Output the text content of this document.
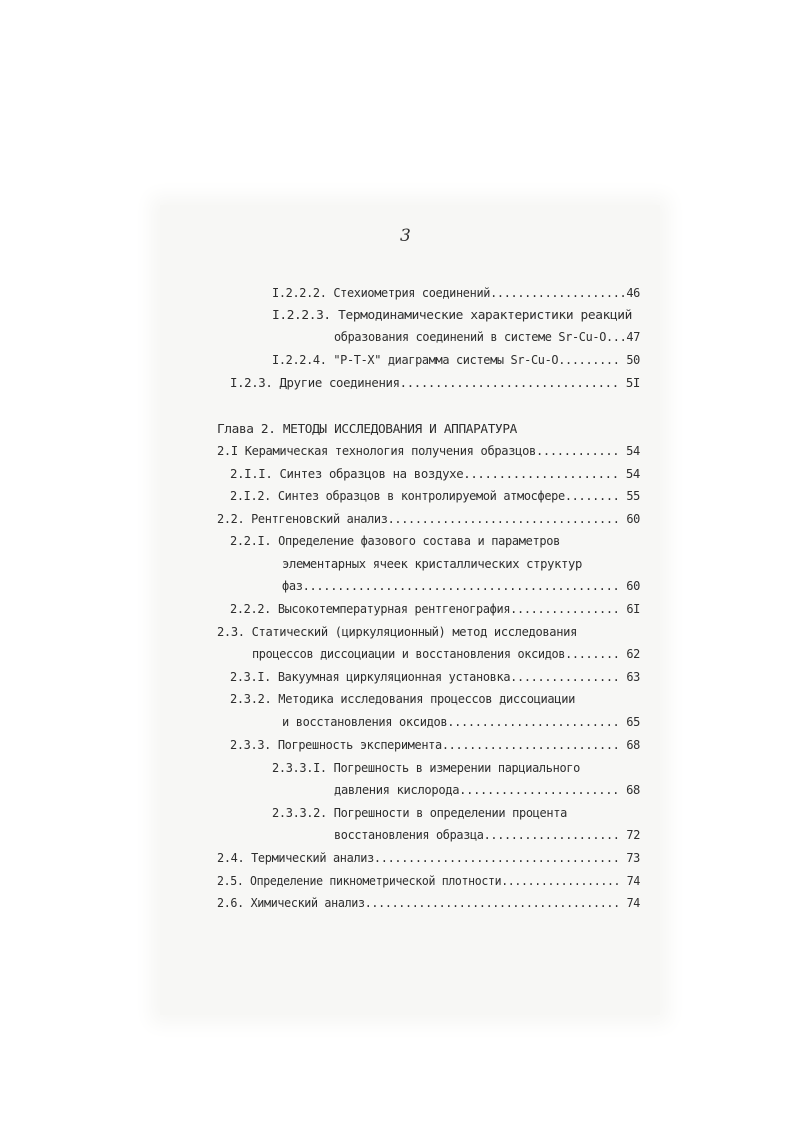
3
I.2.2.2. Стехиометрия соединений....................46
I.2.2.3. Термодинамические характеристики реакций
образования соединений в системе Sr-Cu-O...47
I.2.2.4. "P-T-X" диаграмма системы Sr-Cu-O......... 50
I.2.3. Другие соединения............................... 5I
Глава 2. МЕТОДЫ ИССЛЕДОВАНИЯ И АППАРАТУРА
2.I Керамическая технология получения образцов............ 54
2.I.I. Синтез образцов на воздухе...................... 54
2.I.2. Синтез образцов в контролируемой атмосфере........ 55
2.2. Рентгеновский анализ.................................. 60
2.2.I. Определение фазового состава и параметров
элементарных ячеек кристаллических структур
фаз.............................................. 60
2.2.2. Высокотемпературная рентгенография................ 6I
2.3. Статический (циркуляционный) метод исследования
процессов диссоциации и восстановления оксидов........ 62
2.3.I. Вакуумная циркуляционная установка................ 63
2.3.2. Методика исследования процессов диссоциации
и восстановления оксидов......................... 65
2.3.3. Погрешность эксперимента.......................... 68
2.3.3.I. Погрешность в измерении парциального
давления кислорода....................... 68
2.3.3.2. Погрешности в определении процента
восстановления образца.................... 72
2.4. Термический анализ.................................... 73
2.5. Определение пикнометрической плотности.................. 74
2.6. Химический анализ...................................... 74
